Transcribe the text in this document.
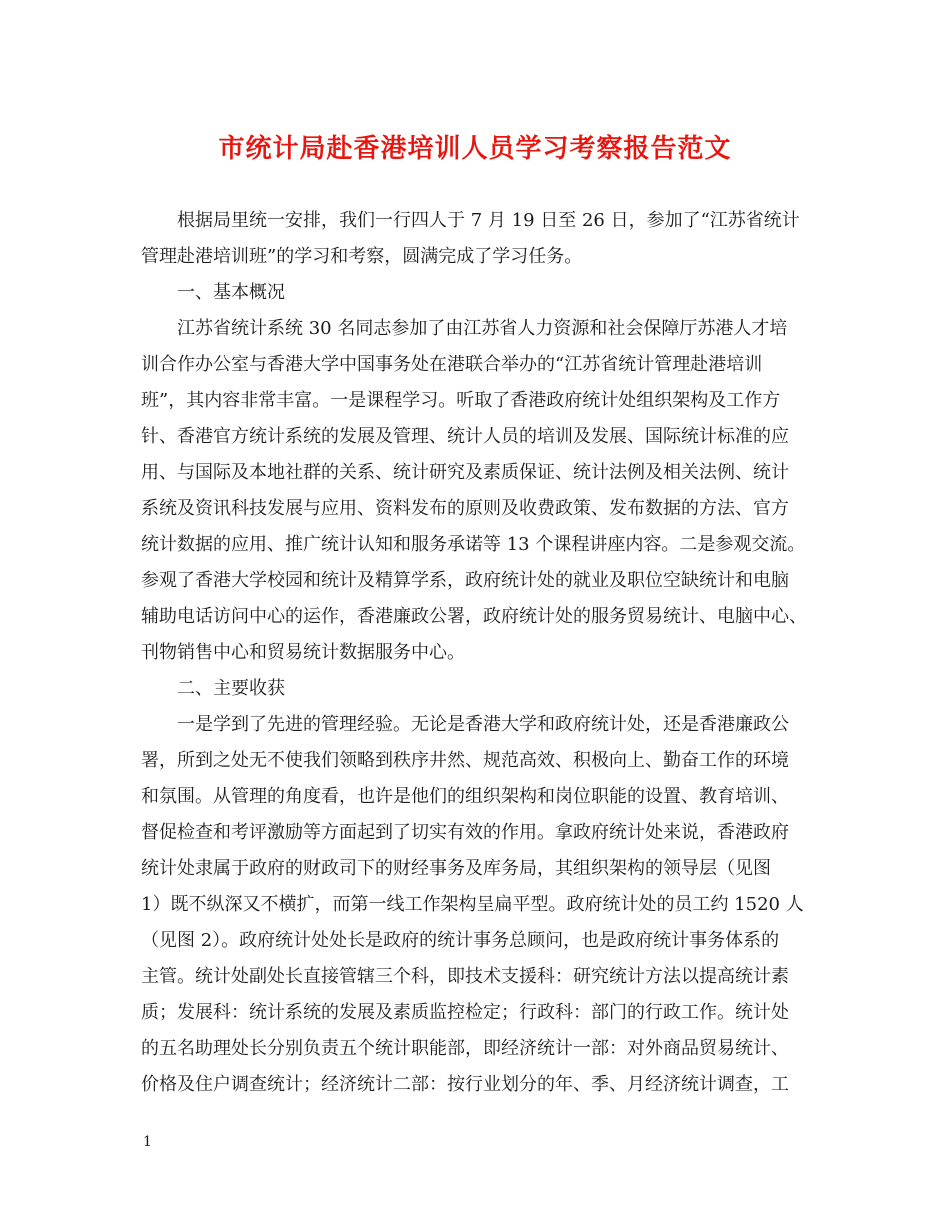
市统计局赴香港培训人员学习考察报告范文
根据局里统一安排，我们一行四人于 7 月 19 日至 26 日，参加了“江苏省统计
管理赴港培训班”的学习和考察，圆满完成了学习任务。
一、基本概况
江苏省统计系统 30 名同志参加了由江苏省人力资源和社会保障厅苏港人才培
训合作办公室与香港大学中国事务处在港联合举办的“江苏省统计管理赴港培训
班”，其内容非常丰富。一是课程学习。听取了香港政府统计处组织架构及工作方
针、香港官方统计系统的发展及管理、统计人员的培训及发展、国际统计标准的应
用、与国际及本地社群的关系、统计研究及素质保证、统计法例及相关法例、统计
系统及资讯科技发展与应用、资料发布的原则及收费政策、发布数据的方法、官方
统计数据的应用、推广统计认知和服务承诺等 13 个课程讲座内容。二是参观交流。
参观了香港大学校园和统计及精算学系，政府统计处的就业及职位空缺统计和电脑
辅助电话访问中心的运作，香港廉政公署，政府统计处的服务贸易统计、电脑中心、
刊物销售中心和贸易统计数据服务中心。
二、主要收获
一是学到了先进的管理经验。无论是香港大学和政府统计处，还是香港廉政公
署，所到之处无不使我们领略到秩序井然、规范高效、积极向上、勤奋工作的环境
和氛围。从管理的角度看，也许是他们的组织架构和岗位职能的设置、教育培训、
督促检查和考评激励等方面起到了切实有效的作用。拿政府统计处来说，香港政府
统计处隶属于政府的财政司下的财经事务及库务局，其组织架构的领导层（见图
1）既不纵深又不横扩，而第一线工作架构呈扁平型。政府统计处的员工约 1520 人
（见图 2）。政府统计处处长是政府的统计事务总顾问，也是政府统计事务体系的
主管。统计处副处长直接管辖三个科，即技术支援科：研究统计方法以提高统计素
质；发展科：统计系统的发展及素质监控检定；行政科：部门的行政工作。统计处
的五名助理处长分别负责五个统计职能部，即经济统计一部：对外商品贸易统计、
价格及住户调查统计；经济统计二部：按行业划分的年、季、月经济统计调查，工
1
